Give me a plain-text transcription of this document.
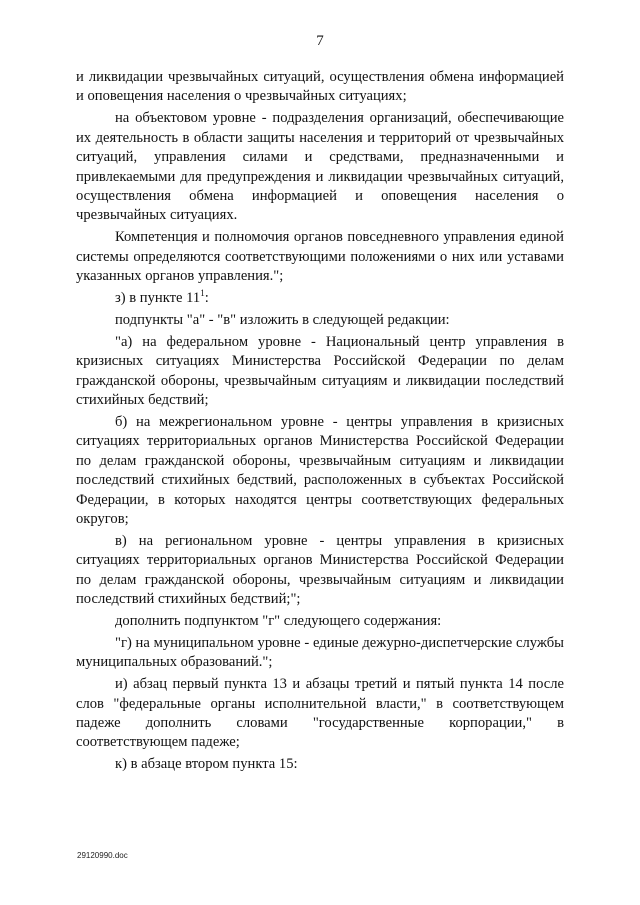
7

и ликвидации чрезвычайных ситуаций, осуществления обмена информацией и оповещения населения о чрезвычайных ситуациях;

на объектовом уровне - подразделения организаций, обеспечивающие их деятельность в области защиты населения и территорий от чрезвычайных ситуаций, управления силами и средствами, предназначенными и привлекаемыми для предупреждения и ликвидации чрезвычайных ситуаций, осуществления обмена информацией и оповещения населения о чрезвычайных ситуациях.

Компетенция и полномочия органов повседневного управления единой системы определяются соответствующими положениями о них или уставами указанных органов управления.";

з) в пункте $11^1$:

подпункты "а" - "в" изложить в следующей редакции:

"а) на федеральном уровне - Национальный центр управления в кризисных ситуациях Министерства Российской Федерации по делам гражданской обороны, чрезвычайным ситуациям и ликвидации последствий стихийных бедствий;

б) на межрегиональном уровне - центры управления в кризисных ситуациях территориальных органов Министерства Российской Федерации по делам гражданской обороны, чрезвычайным ситуациям и ликвидации последствий стихийных бедствий, расположенных в субъектах Российской Федерации, в которых находятся центры соответствующих федеральных округов;

в) на региональном уровне - центры управления в кризисных ситуациях территориальных органов Министерства Российской Федерации по делам гражданской обороны, чрезвычайным ситуациям и ликвидации последствий стихийных бедствий;";

дополнить подпунктом "г" следующего содержания:

"г) на муниципальном уровне - единые дежурно-диспетчерские службы муниципальных образований.";

и) абзац первый пункта 13 и абзацы третий и пятый пункта 14 после слов "федеральные органы исполнительной власти," в соответствующем падеже дополнить словами "государственные корпорации," в соответствующем падеже;

к) в абзаце втором пункта 15:

29120990.doc
